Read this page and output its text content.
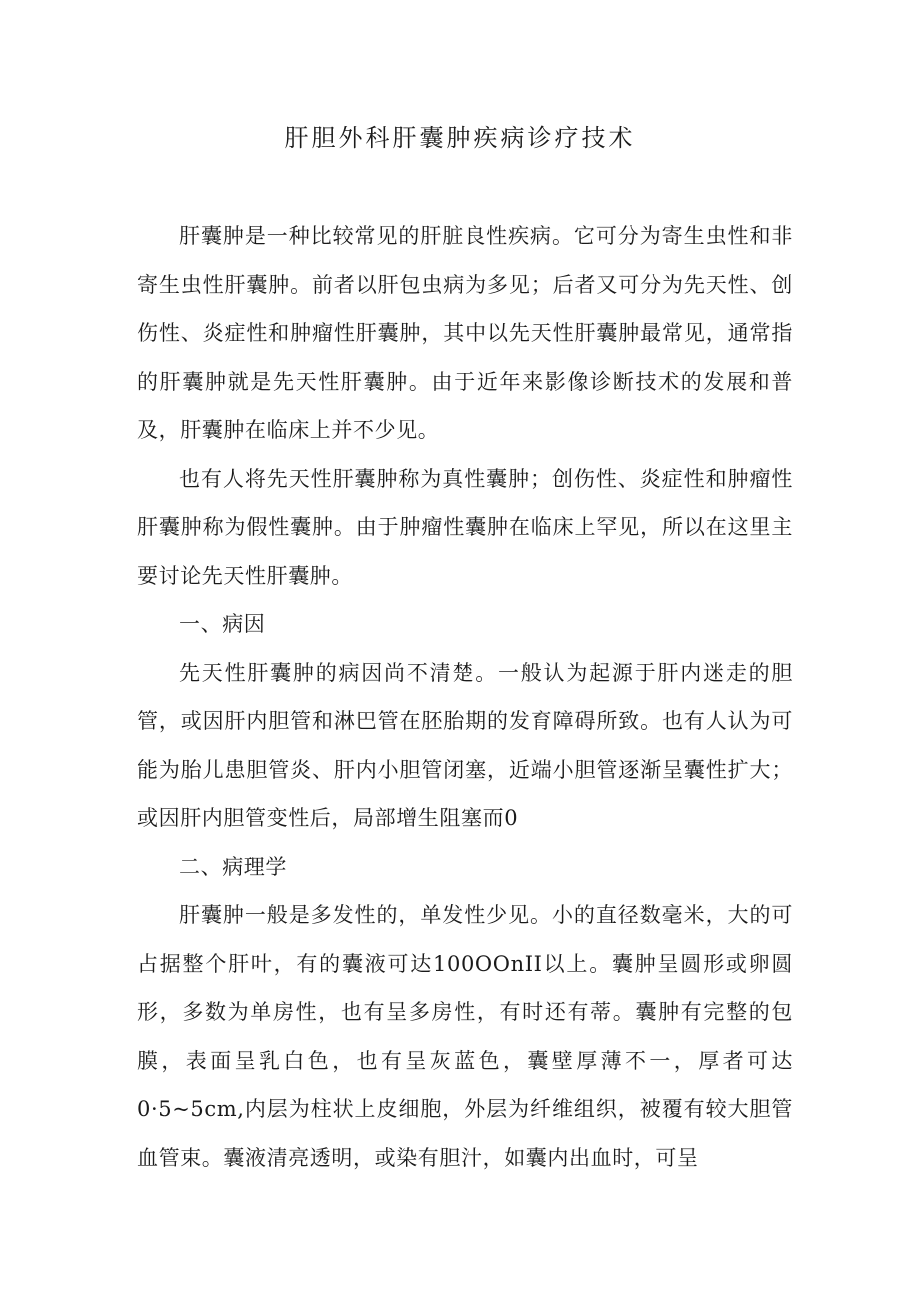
肝胆外科肝囊肿疾病诊疗技术

肝囊肿是一种比较常见的肝脏良性疾病。它可分为寄生虫性和非寄生虫性肝囊肿。前者以肝包虫病为多见；后者又可分为先天性、创伤性、炎症性和肿瘤性肝囊肿，其中以先天性肝囊肿最常见，通常指的肝囊肿就是先天性肝囊肿。由于近年来影像诊断技术的发展和普及，肝囊肿在临床上并不少见。

也有人将先天性肝囊肿称为真性囊肿；创伤性、炎症性和肿瘤性肝囊肿称为假性囊肿。由于肿瘤性囊肿在临床上罕见，所以在这里主要讨论先天性肝囊肿。

一、病因

先天性肝囊肿的病因尚不清楚。一般认为起源于肝内迷走的胆管，或因肝内胆管和淋巴管在胚胎期的发育障碍所致。也有人认为可能为胎儿患胆管炎、肝内小胆管闭塞，近端小胆管逐渐呈囊性扩大；或因肝内胆管变性后，局部增生阻塞而0

二、病理学

肝囊肿一般是多发性的，单发性少见。小的直径数毫米，大的可占据整个肝叶，有的囊液可达100OOnII以上。囊肿呈圆形或卵圆形，多数为单房性，也有呈多房性，有时还有蒂。囊肿有完整的包膜，表面呈乳白色，也有呈灰蓝色，囊壁厚薄不一，厚者可达0·5~5cm,内层为柱状上皮细胞，外层为纤维组织，被覆有较大胆管血管束。囊液清亮透明，或染有胆汁，如囊内出血时，可呈
